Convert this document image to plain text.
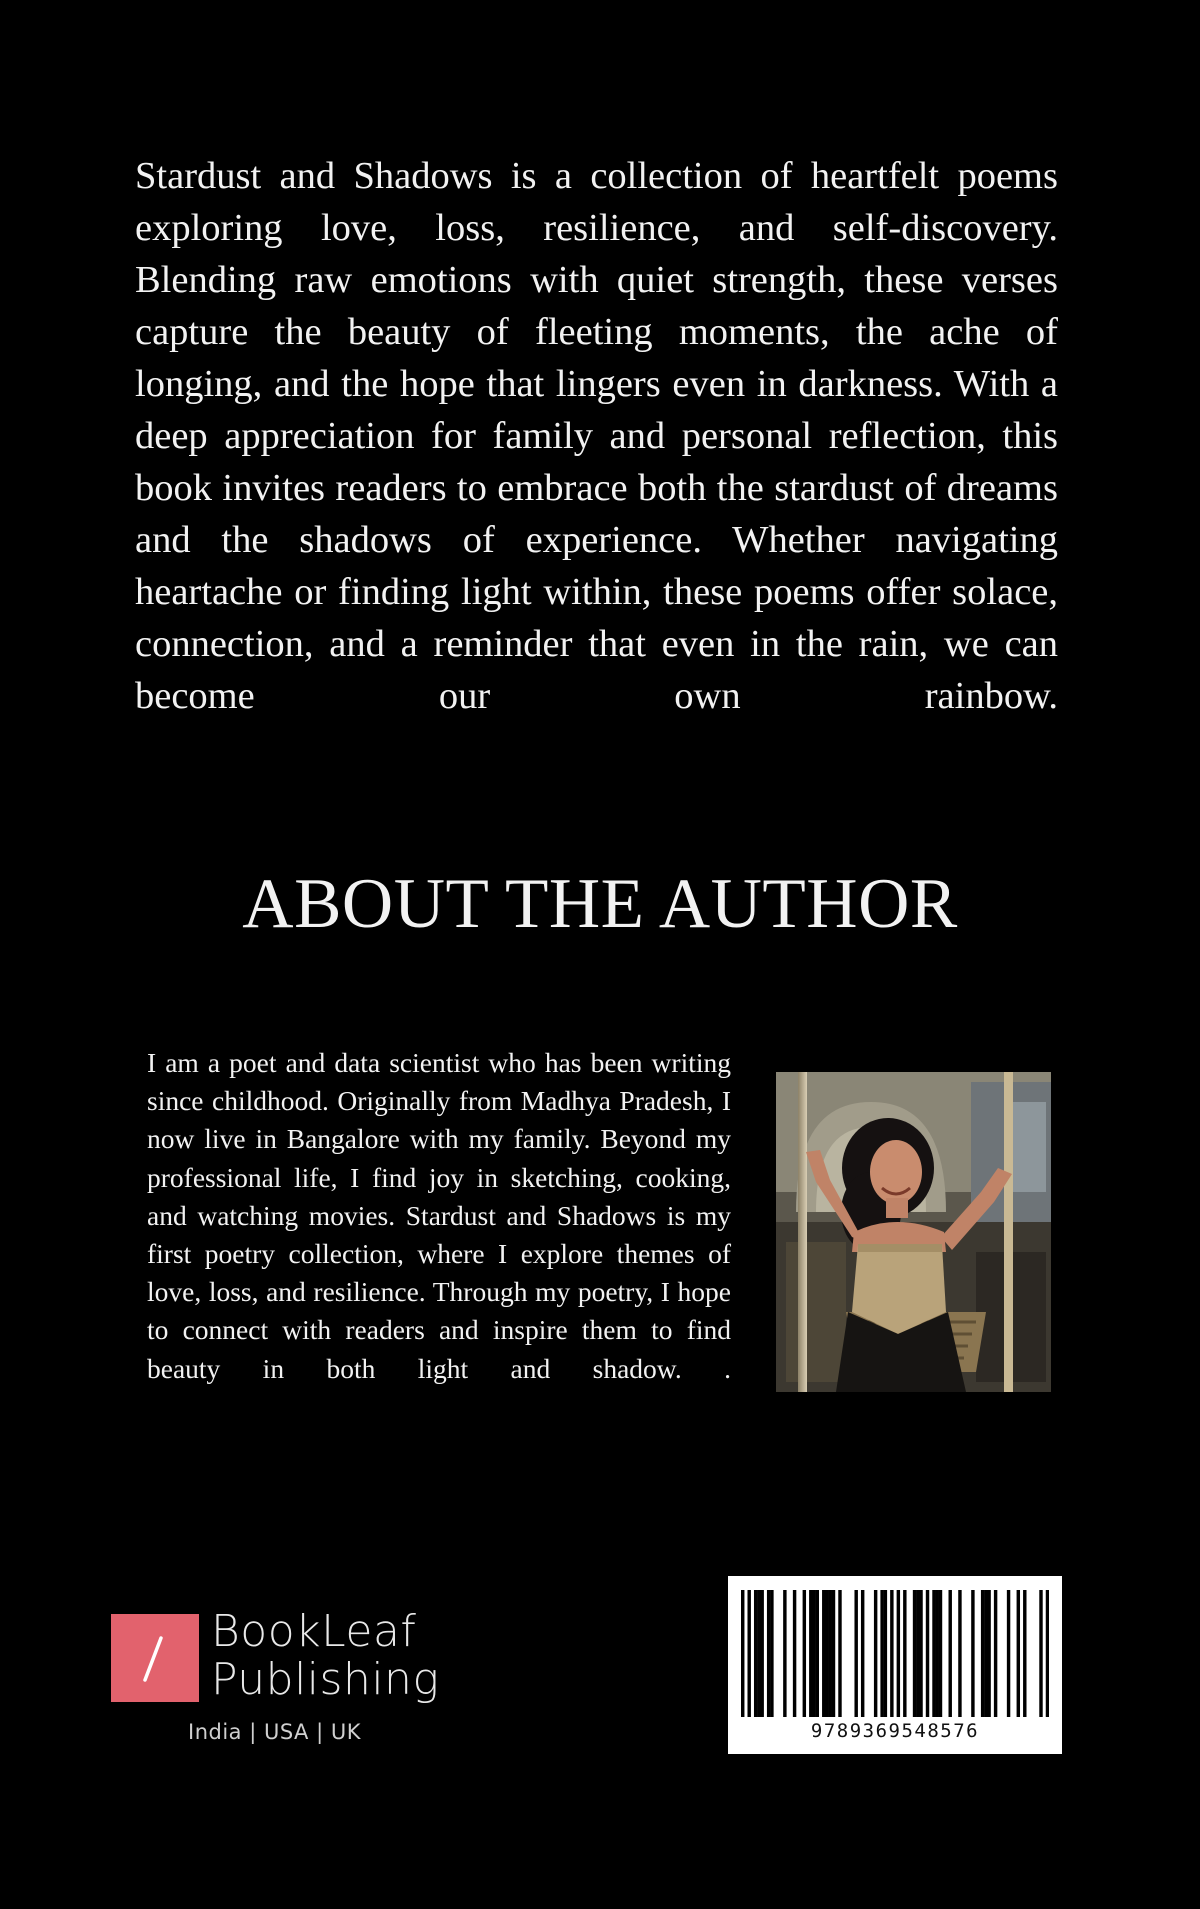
Stardust and Shadows is a collection of heartfelt poems exploring love, loss, resilience, and self-discovery. Blending raw emotions with quiet strength, these verses capture the beauty of fleeting moments, the ache of longing, and the hope that lingers even in darkness. With a deep appreciation for family and personal reflection, this book invites readers to embrace both the stardust of dreams and the shadows of experience. Whether navigating heartache or finding light within, these poems offer solace, connection, and a reminder that even in the rain, we can become our own rainbow.

ABOUT THE AUTHOR

I am a poet and data scientist who has been writing since childhood. Originally from Madhya Pradesh, I now live in Bangalore with my family. Beyond my professional life, I find joy in sketching, cooking, and watching movies. Stardust and Shadows is my first poetry collection, where I explore themes of love, loss, and resilience. Through my poetry, I hope to connect with readers and inspire them to find beauty in both light and shadow. .

BookLeaf
Publishing
India | USA | UK	9789369548576
